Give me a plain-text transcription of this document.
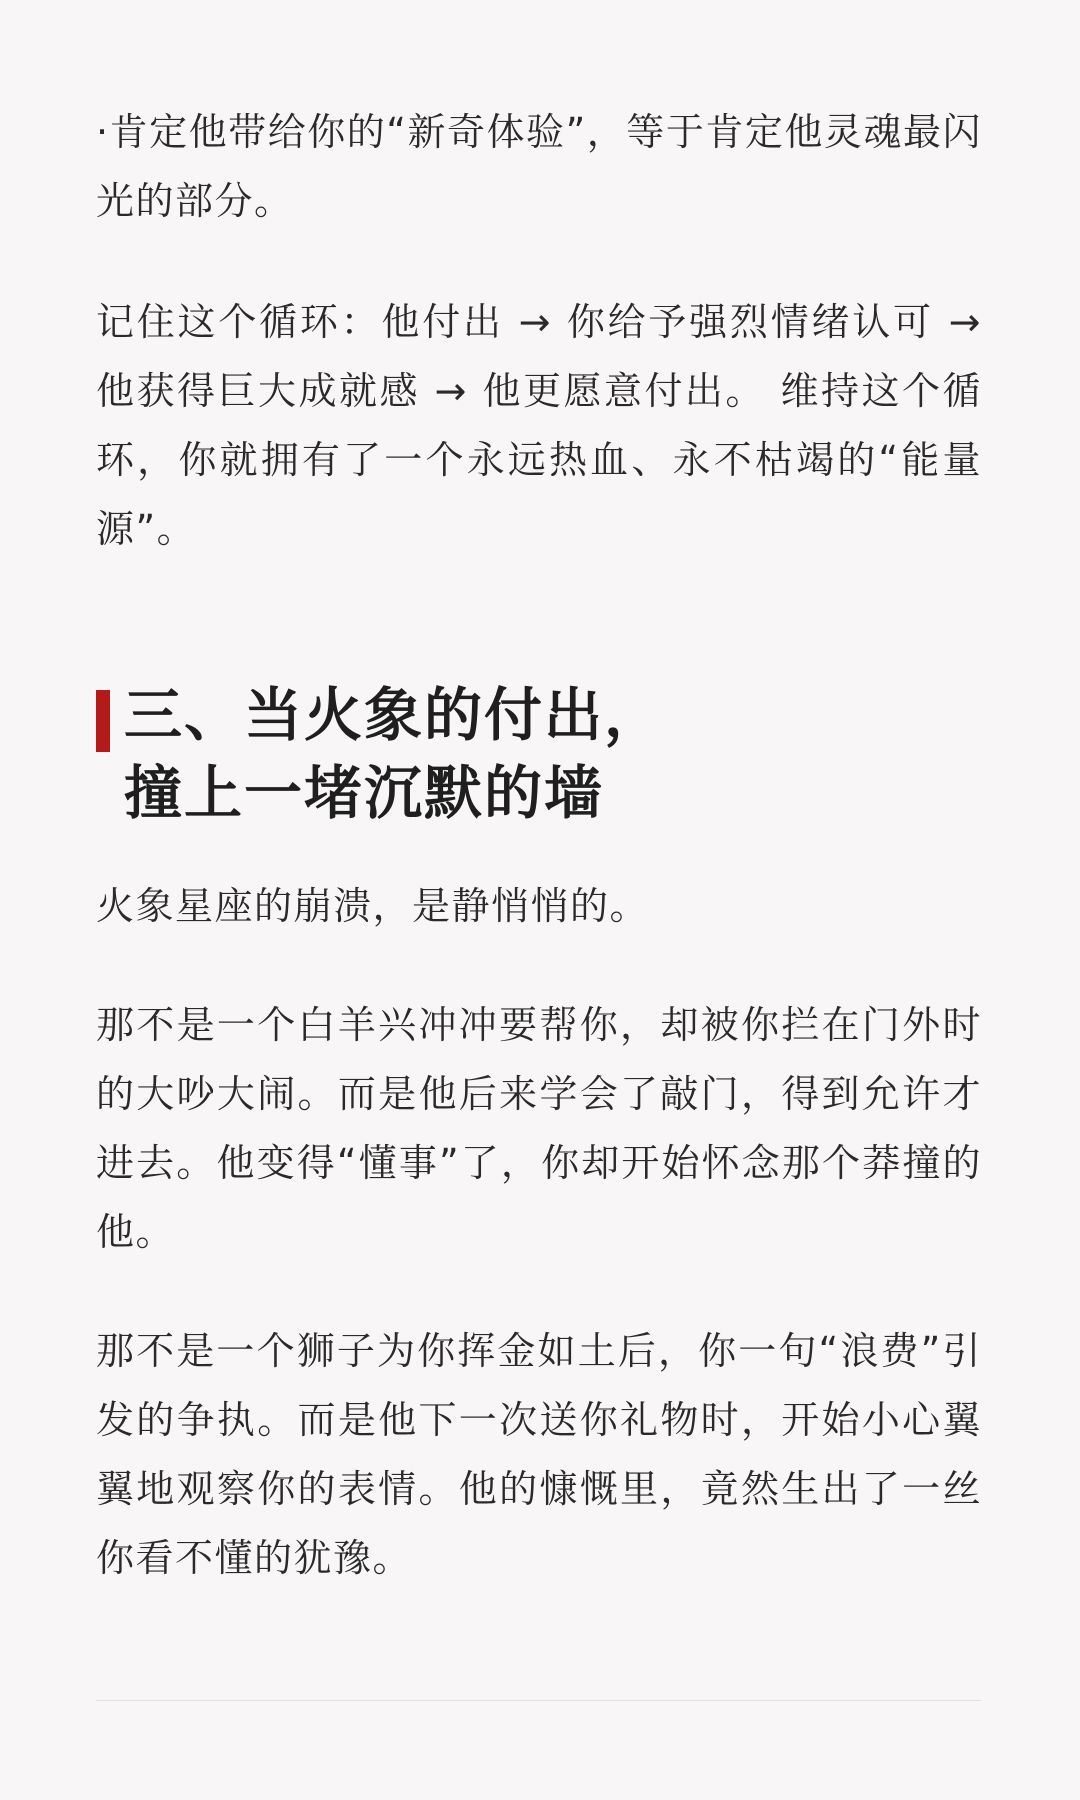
·肯定他带给你的“新奇体验”，等于肯定他灵魂最闪光的部分。

记住这个循环：他付出 → 你给予强烈情绪认可 → 他获得巨大成就感 → 他更愿意付出。 维持这个循环，你就拥有了一个永远热血、永不枯竭的“能量源”。

三、当火象的付出，
撞上一堵沉默的墙

火象星座的崩溃，是静悄悄的。

那不是一个白羊兴冲冲要帮你，却被你拦在门外时的大吵大闹。而是他后来学会了敲门，得到允许才进去。他变得“懂事”了，你却开始怀念那个莽撞的他。

那不是一个狮子为你挥金如土后，你一句“浪费”引发的争执。而是他下一次送你礼物时，开始小心翼翼地观察你的表情。他的慷慨里，竟然生出了一丝你看不懂的犹豫。
